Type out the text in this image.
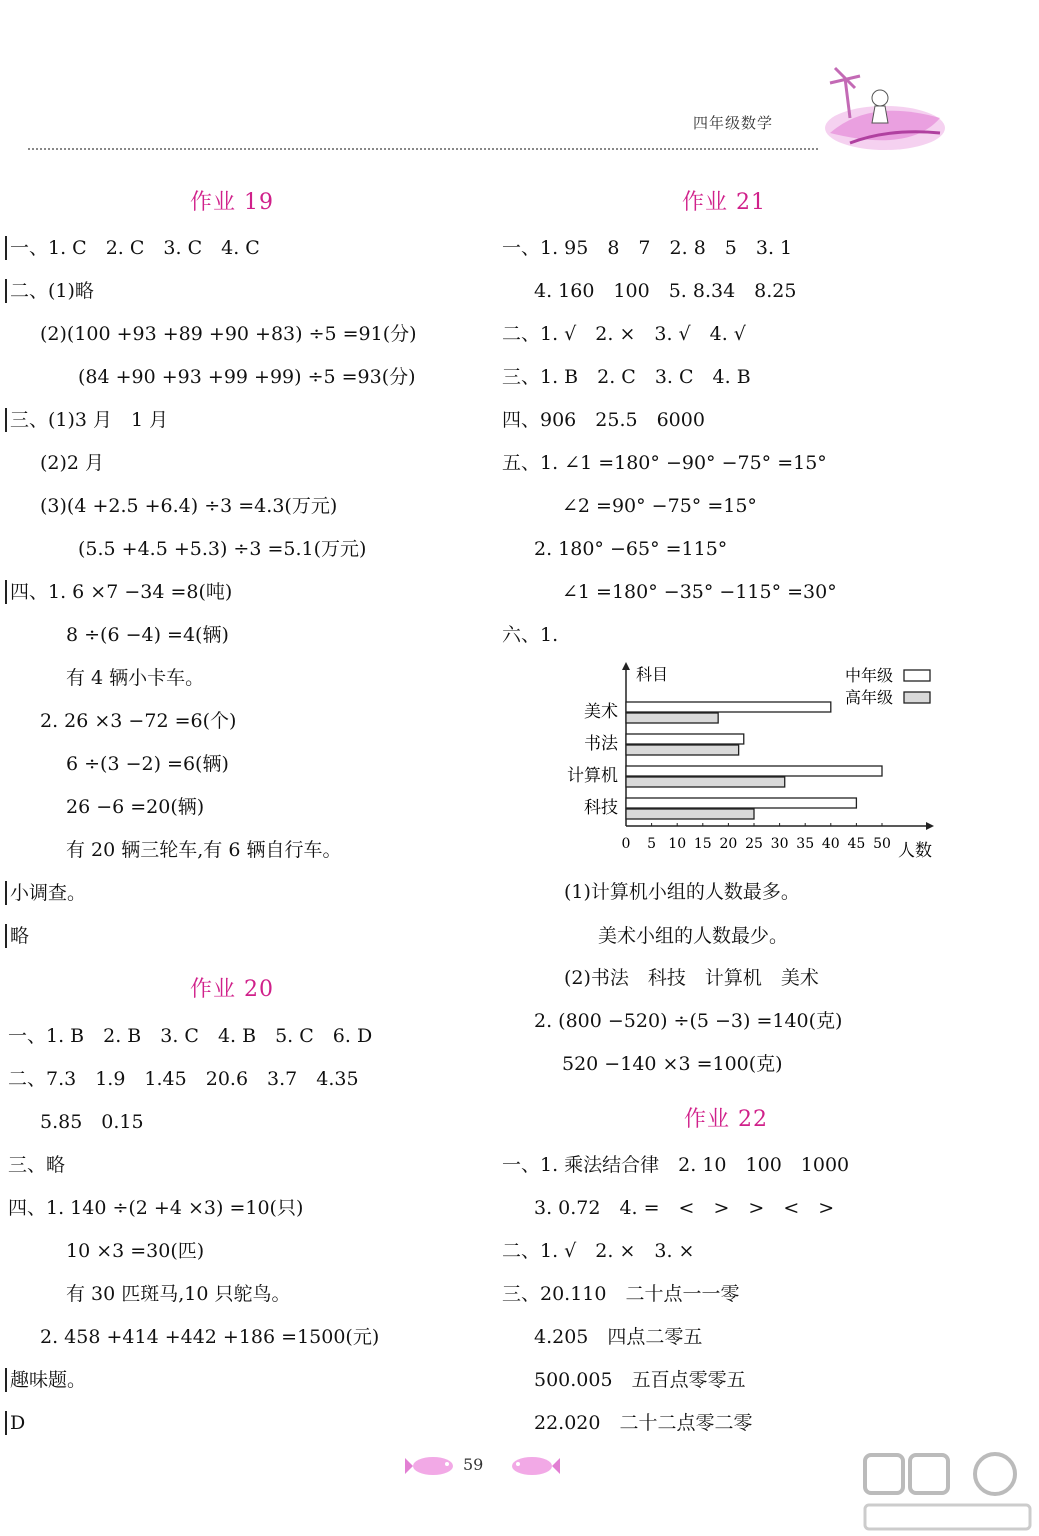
四年级数学
作业 19
一、1. C　2. C　3. C　4. C
二、(1)略
(2)(100 +93 +89 +90 +83) ÷5 =91(分)
(84 +90 +93 +99 +99) ÷5 =93(分)
三、(1)3 月　1 月
(2)2 月
(3)(4 +2.5 +6.4) ÷3 =4.3(万元)
(5.5 +4.5 +5.3) ÷3 =5.1(万元)
四、1. 6 ×7 −34 =8(吨)
8 ÷(6 −4) =4(辆)
有 4 辆小卡车。
2. 26 ×3 −72 =6(个)
6 ÷(3 −2) =6(辆)
26 −6 =20(辆)
有 20 辆三轮车,有 6 辆自行车。
小调查。
略
作业 20
一、1. B　2. B　3. C　4. B　5. C　6. D
二、7.3　1.9　1.45　20.6　3.7　4.35
5.85　0.15
三、略
四、1. 140 ÷(2 +4 ×3) =10(只)
10 ×3 =30(匹)
有 30 匹斑马,10 只鸵鸟。
2. 458 +414 +442 +186 =1500(元)
趣味题。
D
作业 21
一、1. 95　8　7　2. 8　5　3. 1
4. 160　100　5. 8.34　8.25
二、1. √　2. ×　3. √　4. √
三、1. B　2. C　3. C　4. B
四、906　25.5　6000
五、1. ∠1 =180° −90° −75° =15°
∠2 =90° −75° =15°
2. 180° −65° =115°
∠1 =180° −35° −115° =30°
六、1.
(1)计算机小组的人数最多。
美术小组的人数最少。
(2)书法　科技　计算机　美术
2. (800 −520) ÷(5 −3) =140(克)
520 −140 ×3 =100(克)
作业 22
一、1. 乘法结合律　2. 10　100　1000
3. 0.72　4. =　<　>　>　<　>
二、1. √　2. ×　3. ×
三、20.110　二十点一一零
4.205　四点二零五
500.005　五百点零零五
22.020　二十二点零二零
科目
人数
0 5 10 15 20 25 30 35 40 45 50
美术
书法
计算机
科技
中年级
高年级
59
